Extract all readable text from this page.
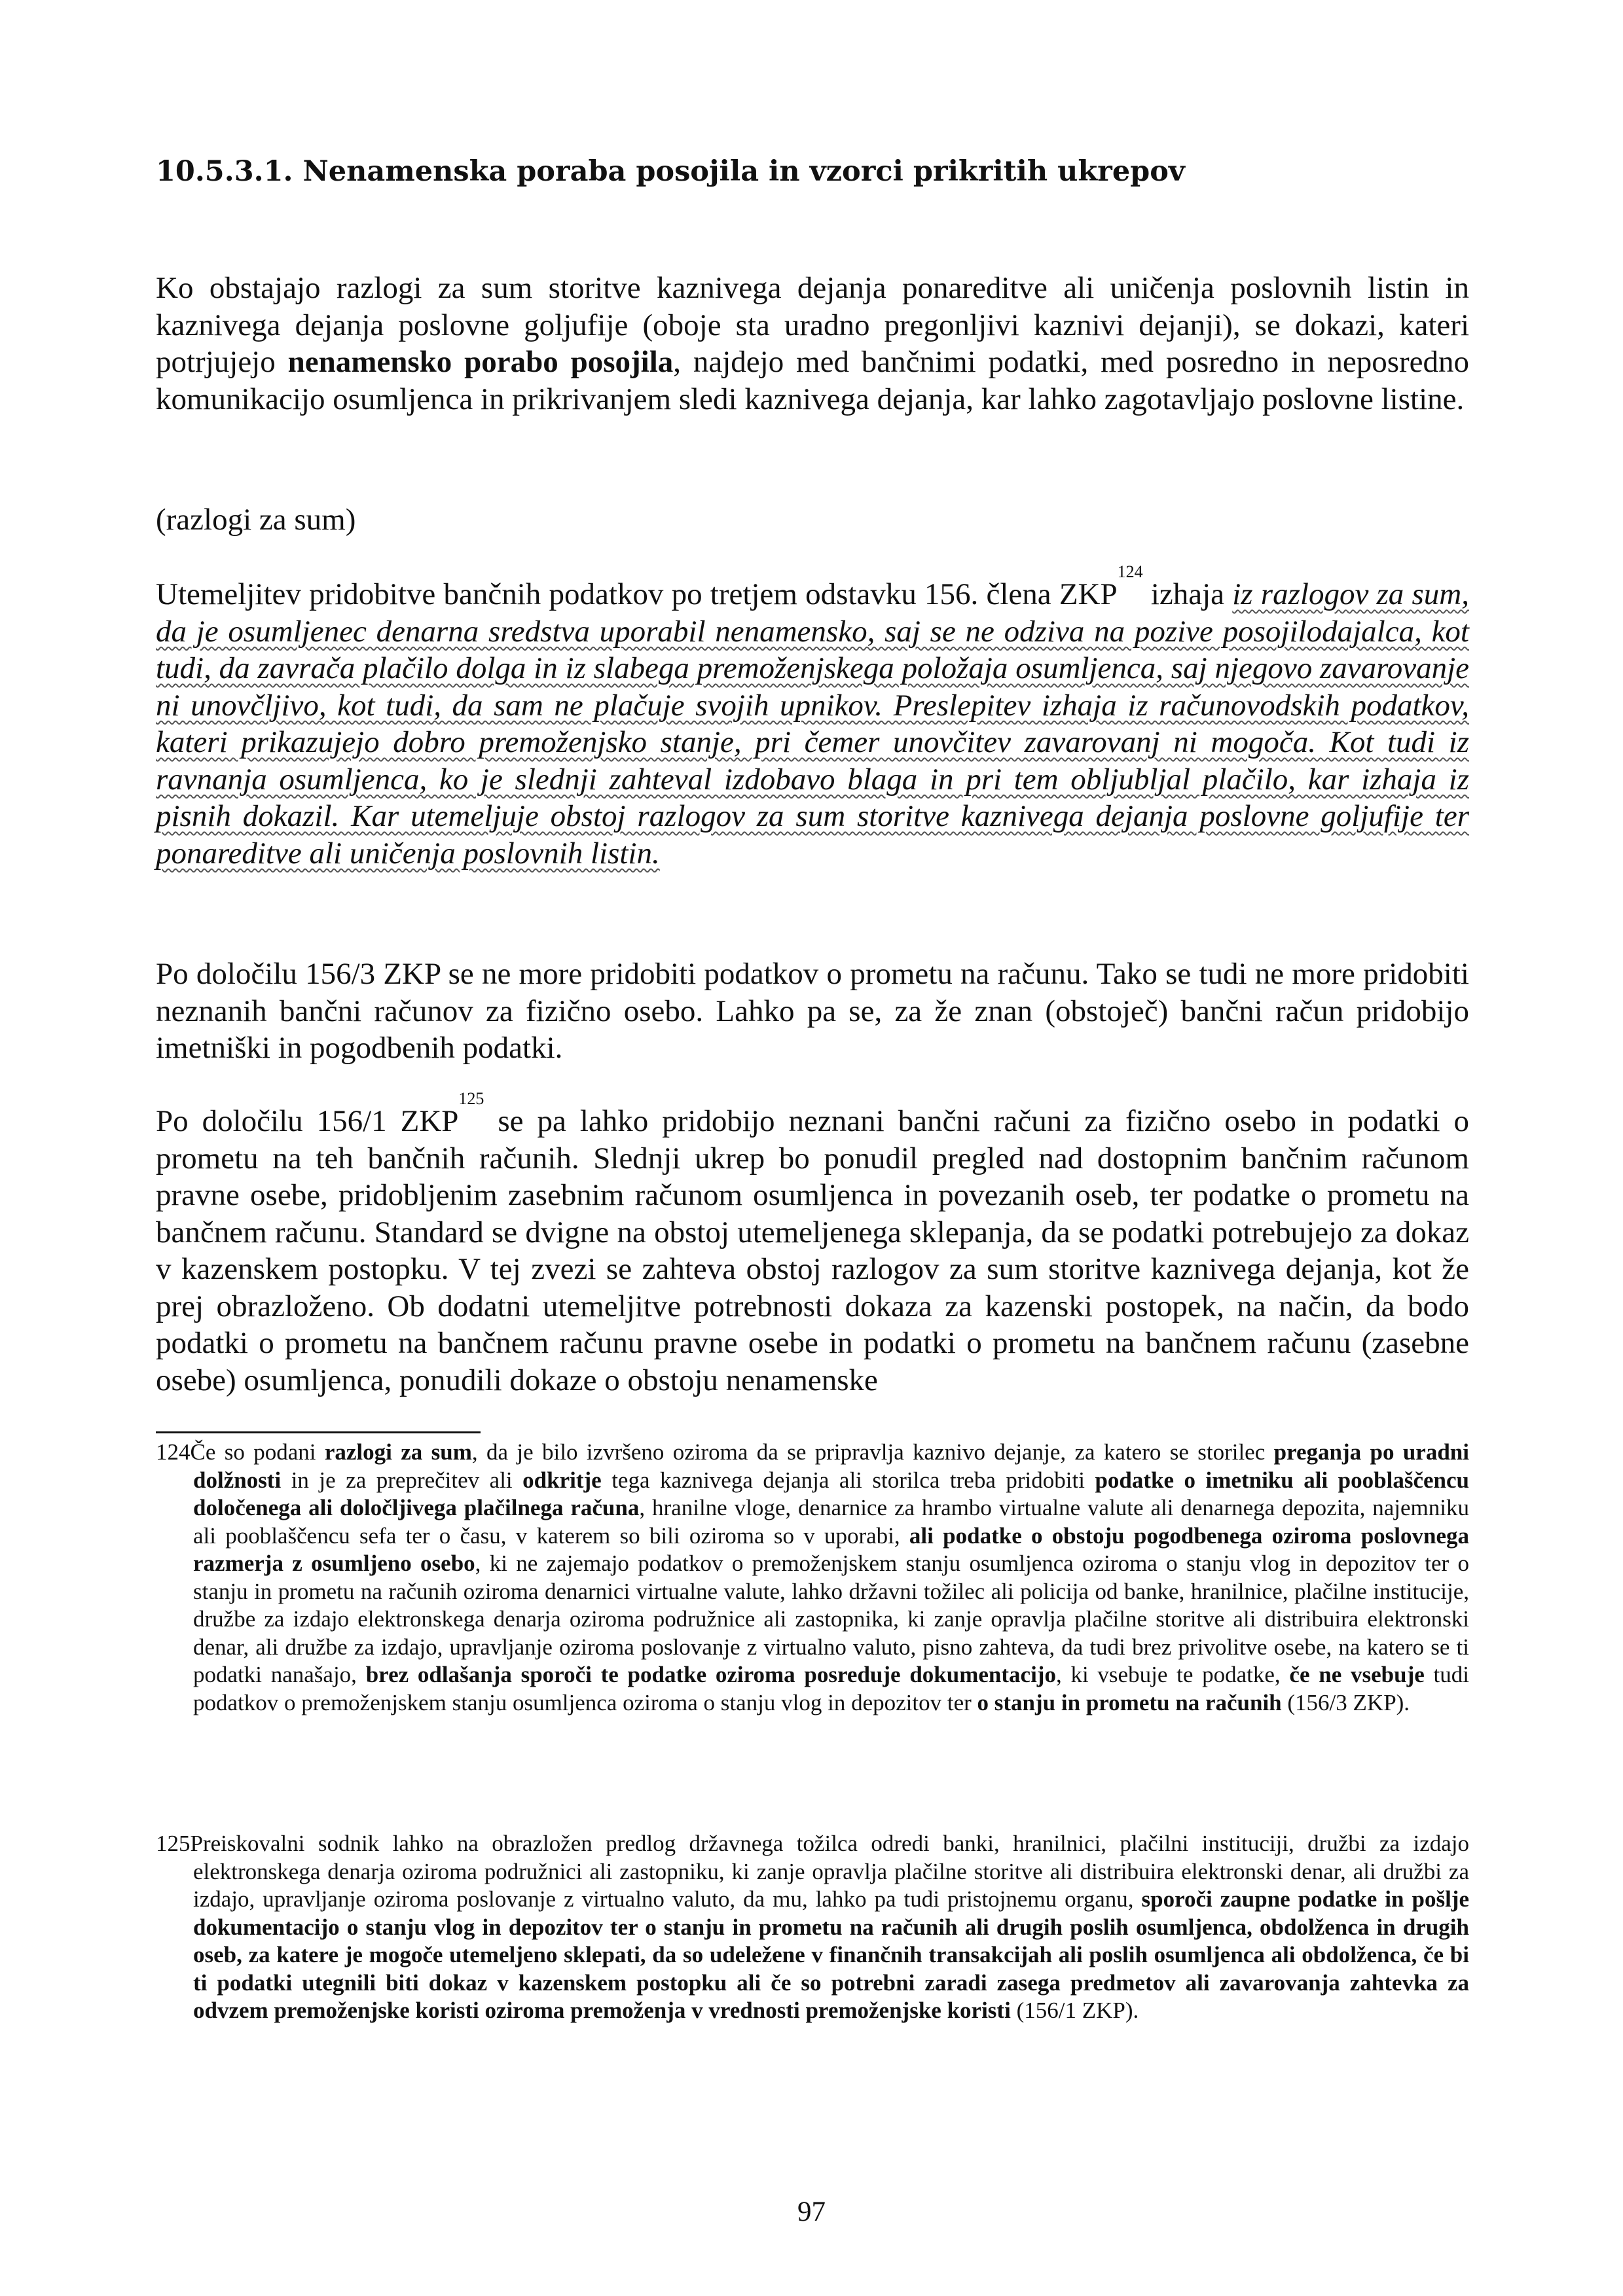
10.5.3.1. Nenamenska poraba posojila in vzorci prikritih ukrepov

Ko obstajajo razlogi za sum storitve kaznivega dejanja ponareditve ali uničenja poslovnih listin in kaznivega dejanja poslovne goljufije (oboje sta uradno pregonljivi kaznivi dejanji), se dokazi, kateri potrjujejo nenamensko porabo posojila, najdejo med bančnimi podatki, med posredno in neposredno komunikacijo osumljenca in prikrivanjem sledi kaznivega dejanja, kar lahko zagotavljajo poslovne listine.

(razlogi za sum)

Utemeljitev pridobitve bančnih podatkov po tretjem odstavku 156. člena ZKP$^{124}$ izhaja iz razlogov za sum, da je osumljenec denarna sredstva uporabil nenamensko, saj se ne odziva na pozive posojilodajalca, kot tudi, da zavrača plačilo dolga in iz slabega premoženjskega položaja osumljenca, saj njegovo zavarovanje ni unovčljivo, kot tudi, da sam ne plačuje svojih upnikov. Preslepitev izhaja iz računovodskih podatkov, kateri prikazujejo dobro premoženjsko stanje, pri čemer unovčitev zavarovanj ni mogoča. Kot tudi iz ravnanja osumljenca, ko je slednji zahteval izdobavo blaga in pri tem obljubljal plačilo, kar izhaja iz pisnih dokazil. Kar utemeljuje obstoj razlogov za sum storitve kaznivega dejanja poslovne goljufije ter ponareditve ali uničenja poslovnih listin.

Po določilu 156/3 ZKP se ne more pridobiti podatkov o prometu na računu. Tako se tudi ne more pridobiti neznanih bančni računov za fizično osebo. Lahko pa se, za že znan (obstoječ) bančni račun pridobijo imetniški in pogodbenih podatki.

Po določilu 156/1 ZKP$^{125}$ se pa lahko pridobijo neznani bančni računi za fizično osebo in podatki o prometu na teh bančnih računih. Slednji ukrep bo ponudil pregled nad dostopnim bančnim računom pravne osebe, pridobljenim zasebnim računom osumljenca in povezanih oseb, ter podatke o prometu na bančnem računu. Standard se dvigne na obstoj utemeljenega sklepanja, da se podatki potrebujejo za dokaz v kazenskem postopku. V tej zvezi se zahteva obstoj razlogov za sum storitve kaznivega dejanja, kot že prej obrazloženo. Ob dodatni utemeljitve potrebnosti dokaza za kazenski postopek, na način, da bodo podatki o prometu na bančnem računu pravne osebe in podatki o prometu na bančnem računu (zasebne osebe) osumljenca, ponudili dokaze o obstoju nenamenske

124Če so podani razlogi za sum, da je bilo izvršeno oziroma da se pripravlja kaznivo dejanje, za katero se storilec preganja po uradni dolžnosti in je za preprečitev ali odkritje tega kaznivega dejanja ali storilca treba pridobiti podatke o imetniku ali pooblaščencu določenega ali določljivega plačilnega računa, hranilne vloge, denarnice za hrambo virtualne valute ali denarnega depozita, najemniku ali pooblaščencu sefa ter o času, v katerem so bili oziroma so v uporabi, ali podatke o obstoju pogodbenega oziroma poslovnega razmerja z osumljeno osebo, ki ne zajemajo podatkov o premoženjskem stanju osumljenca oziroma o stanju vlog in depozitov ter o stanju in prometu na računih oziroma denarnici virtualne valute, lahko državni tožilec ali policija od banke, hranilnice, plačilne institucije, družbe za izdajo elektronskega denarja oziroma podružnice ali zastopnika, ki zanje opravlja plačilne storitve ali distribuira elektronski denar, ali družbe za izdajo, upravljanje oziroma poslovanje z virtualno valuto, pisno zahteva, da tudi brez privolitve osebe, na katero se ti podatki nanašajo, brez odlašanja sporoči te podatke oziroma posreduje dokumentacijo, ki vsebuje te podatke, če ne vsebuje tudi podatkov o premoženjskem stanju osumljenca oziroma o stanju vlog in depozitov ter o stanju in prometu na računih (156/3 ZKP).

125Preiskovalni sodnik lahko na obrazložen predlog državnega tožilca odredi banki, hranilnici, plačilni instituciji, družbi za izdajo elektronskega denarja oziroma podružnici ali zastopniku, ki zanje opravlja plačilne storitve ali distribuira elektronski denar, ali družbi za izdajo, upravljanje oziroma poslovanje z virtualno valuto, da mu, lahko pa tudi pristojnemu organu, sporoči zaupne podatke in pošlje dokumentacijo o stanju vlog in depozitov ter o stanju in prometu na računih ali drugih poslih osumljenca, obdolženca in drugih oseb, za katere je mogoče utemeljeno sklepati, da so udeležene v finančnih transakcijah ali poslih osumljenca ali obdolženca, če bi ti podatki utegnili biti dokaz v kazenskem postopku ali če so potrebni zaradi zasega predmetov ali zavarovanja zahtevka za odvzem premoženjske koristi oziroma premoženja v vrednosti premoženjske koristi (156/1 ZKP).

97
